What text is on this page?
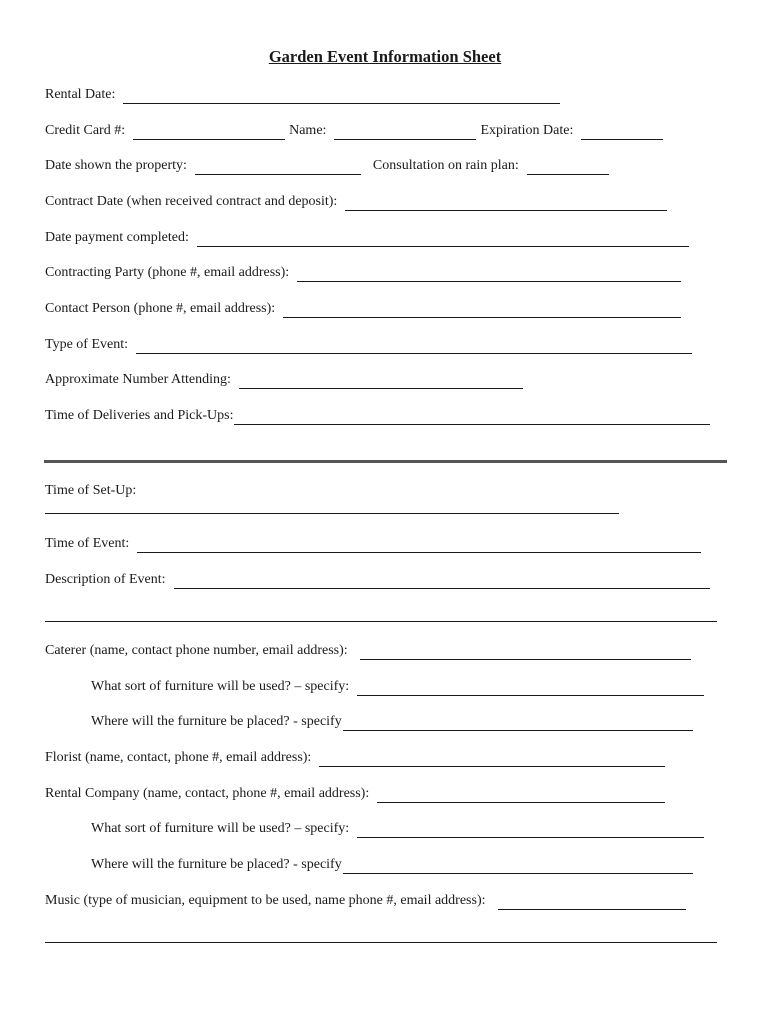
Garden Event Information Sheet
Rental Date:
Credit Card #:	Name:	Expiration Date:
Date shown the property:	Consultation on rain plan:
Contract Date (when received contract and deposit):
Date payment completed:
Contracting Party (phone #, email address):
Contact Person (phone #, email address):
Type of Event:
Approximate Number Attending:
Time of Deliveries and Pick-Ups:
Time of Set-Up:
Time of Event:
Description of Event:
Caterer (name, contact phone number, email address):
What sort of furniture will be used? – specify:
Where will the furniture be placed? - specify
Florist (name, contact, phone #, email address):
Rental Company (name, contact, phone #, email address):
What sort of furniture will be used? – specify:
Where will the furniture be placed? - specify
Music (type of musician, equipment to be used, name phone #, email address):
